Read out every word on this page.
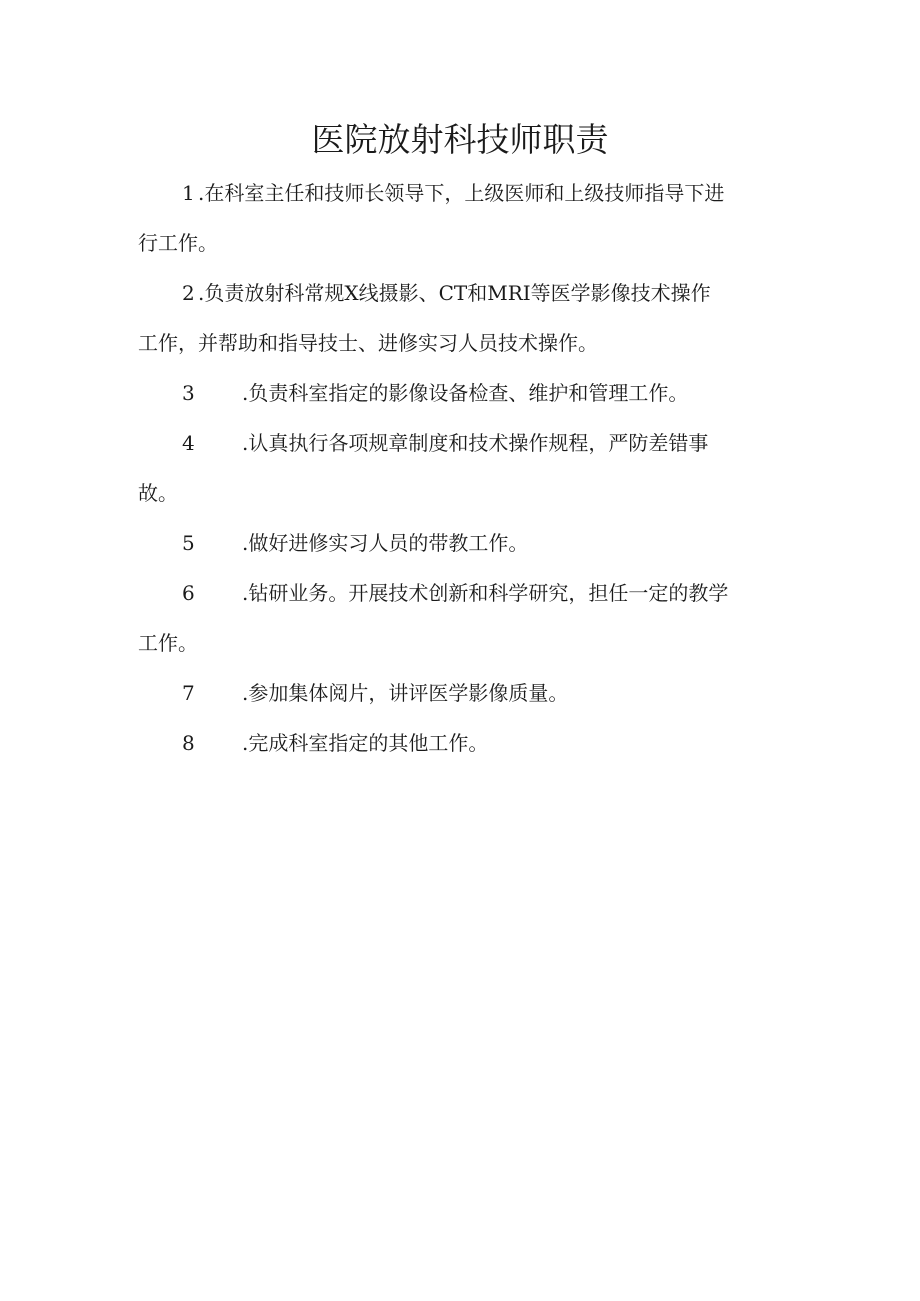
医院放射科技师职责
1 .在科室主任和技师长领导下，上级医师和上级技师指导下进
行工作。
2 .负责放射科常规X线摄影、CT和MRI等医学影像技术操作
工作，并帮助和指导技士、进修实习人员技术操作。
3 .负责科室指定的影像设备检查、维护和管理工作。
4 .认真执行各项规章制度和技术操作规程，严防差错事
故。
5 .做好进修实习人员的带教工作。
6 .钻研业务。开展技术创新和科学研究，担任一定的教学
工作。
7 .参加集体阅片，讲评医学影像质量。
8 .完成科室指定的其他工作。
